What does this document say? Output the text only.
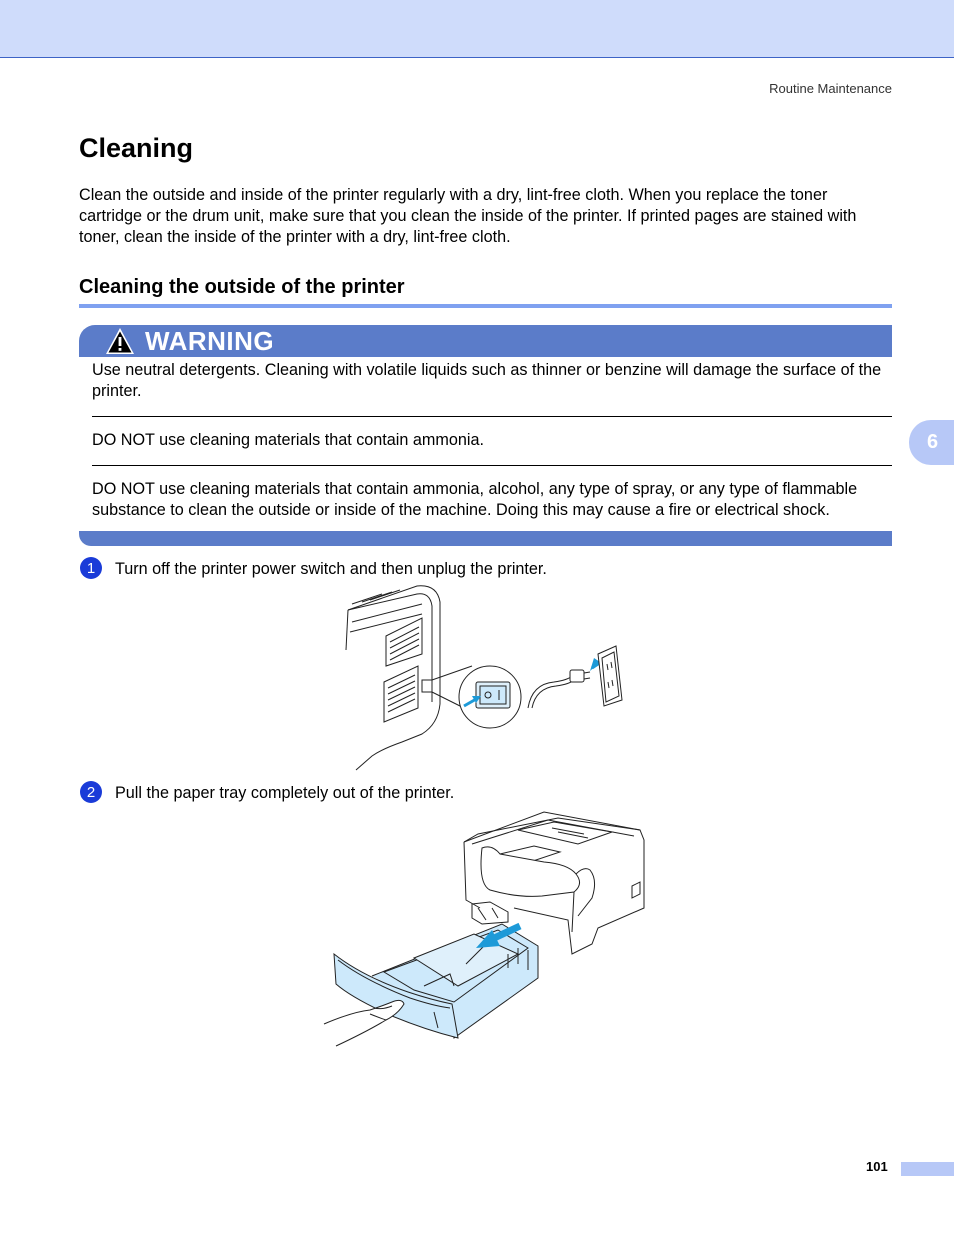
Routine Maintenance
Cleaning

Clean the outside and inside of the printer regularly with a dry, lint-free cloth. When you replace the toner cartridge or the drum unit, make sure that you clean the inside of the printer. If printed pages are stained with toner, clean the inside of the printer with a dry, lint-free cloth.

Cleaning the outside of the printer
WARNING

Use neutral detergents. Cleaning with volatile liquids such as thinner or benzine will damage the surface of the printer.

DO NOT use cleaning materials that contain ammonia.

DO NOT use cleaning materials that contain ammonia, alcohol, any type of spray, or any type of flammable substance to clean the outside or inside of the machine. Doing this may cause a fire or electrical shock.

6
1	Turn off the printer power switch and then unplug the printer.

2	Pull the paper tray completely out of the printer.

101
